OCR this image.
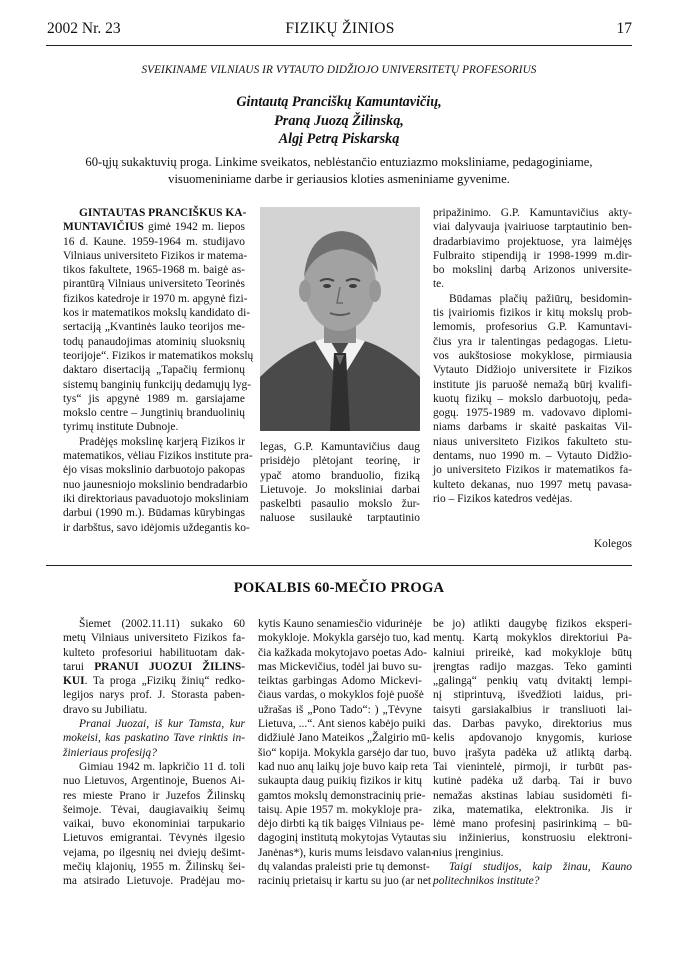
2002 Nr. 23	FIZIKŲ ŽINIOS	17
SVEIKINAME VILNIAUS IR VYTAUTO DIDŽIOJO UNIVERSITETŲ PROFESORIUS
Gintautą Pranciškų Kamuntavičių,
Praną Juozą Žilinską,
Algį Petrą Piskarską
60-ųjų sukaktuvių proga. Linkime sveikatos, neblėstančio entuziazmo moksliniame, pedagoginiame,
visuomeniniame darbe ir geriausios kloties asmeniniame gyvenime.
GINTAUTAS PRANCIŠKUS KA-
MUNTAVIČIUS gimė 1942 m. liepos
16 d. Kaune. 1959-1964 m. studijavo
Vilniaus universiteto Fizikos ir matema-
tikos fakultete, 1965-1968 m. baigė as-
pirantūrą Vilniaus universiteto Teorinės
fizikos katedroje ir 1970 m. apgynė fizi-
kos ir matematikos mokslų kandidato di-
sertaciją „Kvantinės lauko teorijos me-
todų panaudojimas atominių sluoksnių
teorijoje“. Fizikos ir matematikos mokslų
daktaro disertaciją „Tapačių fermionų
sistemų banginių funkcijų dedamųjų lyg-
tys“ jis apgynė 1989 m. garsiajame
mokslo centre – Jungtinių branduolinių
tyrimų institute Dubnoje.
Pradėjęs mokslinę karjerą Fizikos ir
matematikos, vėliau Fizikos institute pra-
ėjo visas mokslinio darbuotojo pakopas
nuo jaunesniojo mokslinio bendradarbio
iki direktoriaus pavaduotojo moksliniam
darbui (1990 m.). Būdamas kūrybingas
ir darbštus, savo idėjomis uždegantis ko-
legas, G.P. Kamuntavičius daug
prisidėjo plėtojant teorinę, ir
ypač atomo branduolio, fiziką
Lietuvoje. Jo moksliniai darbai
paskelbti pasaulio mokslo žur-
naluose susilaukė tarptautinio
pripažinimo. G.P. Kamuntavičius akty-
viai dalyvauja įvairiuose tarptautinio ben-
dradarbiavimo projektuose, yra laimėjęs
Fulbraito stipendiją ir 1998-1999 m.dir-
bo mokslinį darbą Arizonos universite-
te.
Būdamas plačių pažiūrų, besidomin-
tis įvairiomis fizikos ir kitų mokslų prob-
lemomis, profesorius G.P. Kamuntavi-
čius yra ir talentingas pedagogas. Lietu-
vos aukštosiose mokyklose, pirmiausia
Vytauto Didžiojo universitete ir Fizikos
institute jis paruošė nemažą būrį kvalifi-
kuotų fizikų – mokslo darbuotojų, peda-
gogų. 1975-1989 m. vadovavo diplomi-
niams darbams ir skaitė paskaitas Vil-
niaus universiteto Fizikos fakulteto stu-
dentams, nuo 1990 m. – Vytauto Didžio-
jo universiteto Fizikos ir matematikos fa-
kulteto dekanas, nuo 1997 metų pavasa-
rio – Fizikos katedros vedėjas.

Kolegos

POKALBIS 60-MEČIO PROGA
Šiemet (2002.11.11) sukako 60
metų Vilniaus universiteto Fizikos fa-
kulteto profesoriui habilituotam dak-
tarui PRANUI JUOZUI ŽILINS-
KUI. Ta proga „Fizikų žinių“ redko-
legijos narys prof. J. Storasta paben-
dravo su Jubiliatu.
Pranai Juozai, iš kur Tamsta, kur
mokeisi, kas paskatino Tave rinktis in-
žinieriaus profesiją?
Gimiau 1942 m. lapkričio 11 d. toli
nuo Lietuvos, Argentinoje, Buenos Ai-
res mieste Prano ir Juzefos Žilinskų
šeimoje. Tėvai, daugiavaikių šeimų
vaikai, buvo ekonominiai tarpukario
Lietuvos emigrantai. Tėvynės ilgesio
vejama, po ilgesnių nei dviejų dešimt-
mečių klajonių, 1955 m. Žilinskų šei-
ma atsirado Lietuvoje. Pradėjau mo-
kytis Kauno senamiesčio vidurinėje
mokykloje. Mokykla garsėjo tuo, kad
čia kažkada mokytojavo poetas Ado-
mas Mickevičius, todėl jai buvo su-
teiktas garbingas Adomo Mickevi-
čiaus vardas, o mokyklos fojė puošė
užrašas iš „Pono Tado“: ) „Tėvyne
Lietuva, ...“. Ant sienos kabėjo puiki
didžiulė Jano Mateikos „Žalgirio mū-
šio“ kopija. Mokykla garsėjo dar tuo,
kad nuo anų laikų joje buvo kaip reta
sukaupta daug puikių fizikos ir kitų
gamtos mokslų demonstracinių prie-
taisų. Apie 1957 m. mokykloje pra-
dėjo dirbti ką tik baigęs Vilniaus pe-
dagoginį institutą mokytojas Vytautas
Janėnas*), kuris mums leisdavo valan-
dų valandas praleisti prie tų demonst-
racinių prietaisų ir kartu su juo (ar net
be jo) atlikti daugybę fizikos eksperi-
mentų. Kartą mokyklos direktoriui Pa-
kalniui prireikė, kad mokykloje būtų
įrengtas radijo mazgas. Teko gaminti
„galingą“ penkių vatų dvitaktį lempi-
nį stiprintuvą, išvedžioti laidus, pri-
taisyti garsiakalbius ir transliuoti lai-
das. Darbas pavyko, direktorius mus
kelis apdovanojo knygomis, kuriose
buvo įrašyta padėka už atliktą darbą.
Tai vienintelė, pirmoji, ir turbūt pas-
kutinė padėka už darbą. Tai ir buvo
nemažas akstinas labiau susidomėti fi-
zika, matematika, elektronika. Jis ir
lėmė mano profesinį pasirinkimą – bū-
siu inžinierius, konstruosiu elektroni-
nius įrenginius.
Taigi studijos, kaip žinau, Kauno
politechnikos institute?
